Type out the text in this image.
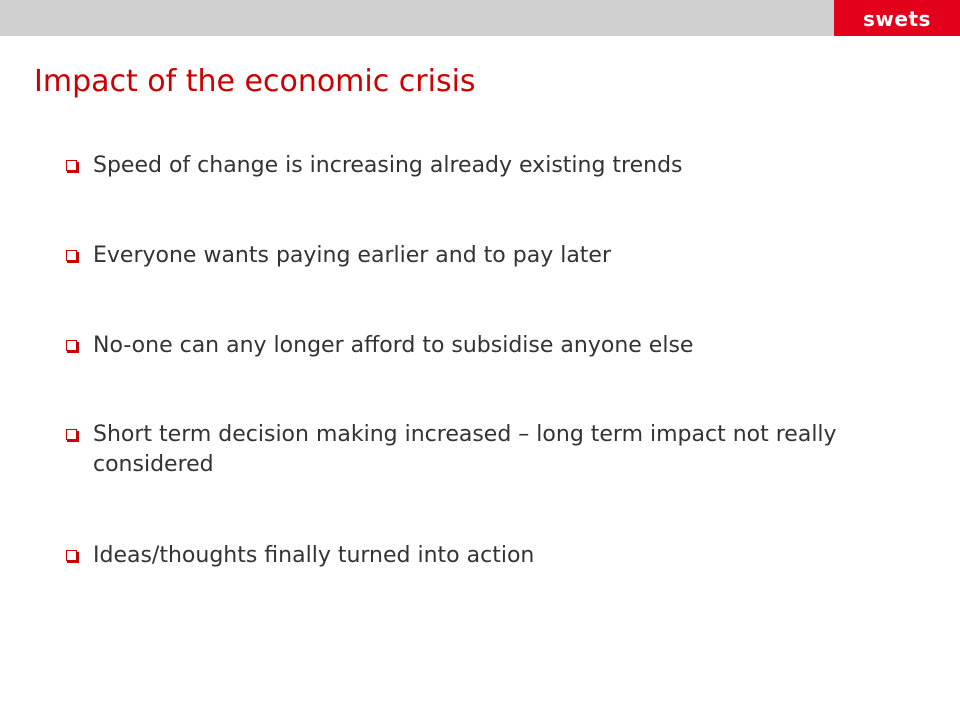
swets
Impact of the economic crisis
Speed of change is increasing already existing trends
Everyone wants paying earlier and to pay later
No-one can any longer afford to subsidise anyone else
Short term decision making increased – long term impact not really considered
Ideas/thoughts finally turned into action
